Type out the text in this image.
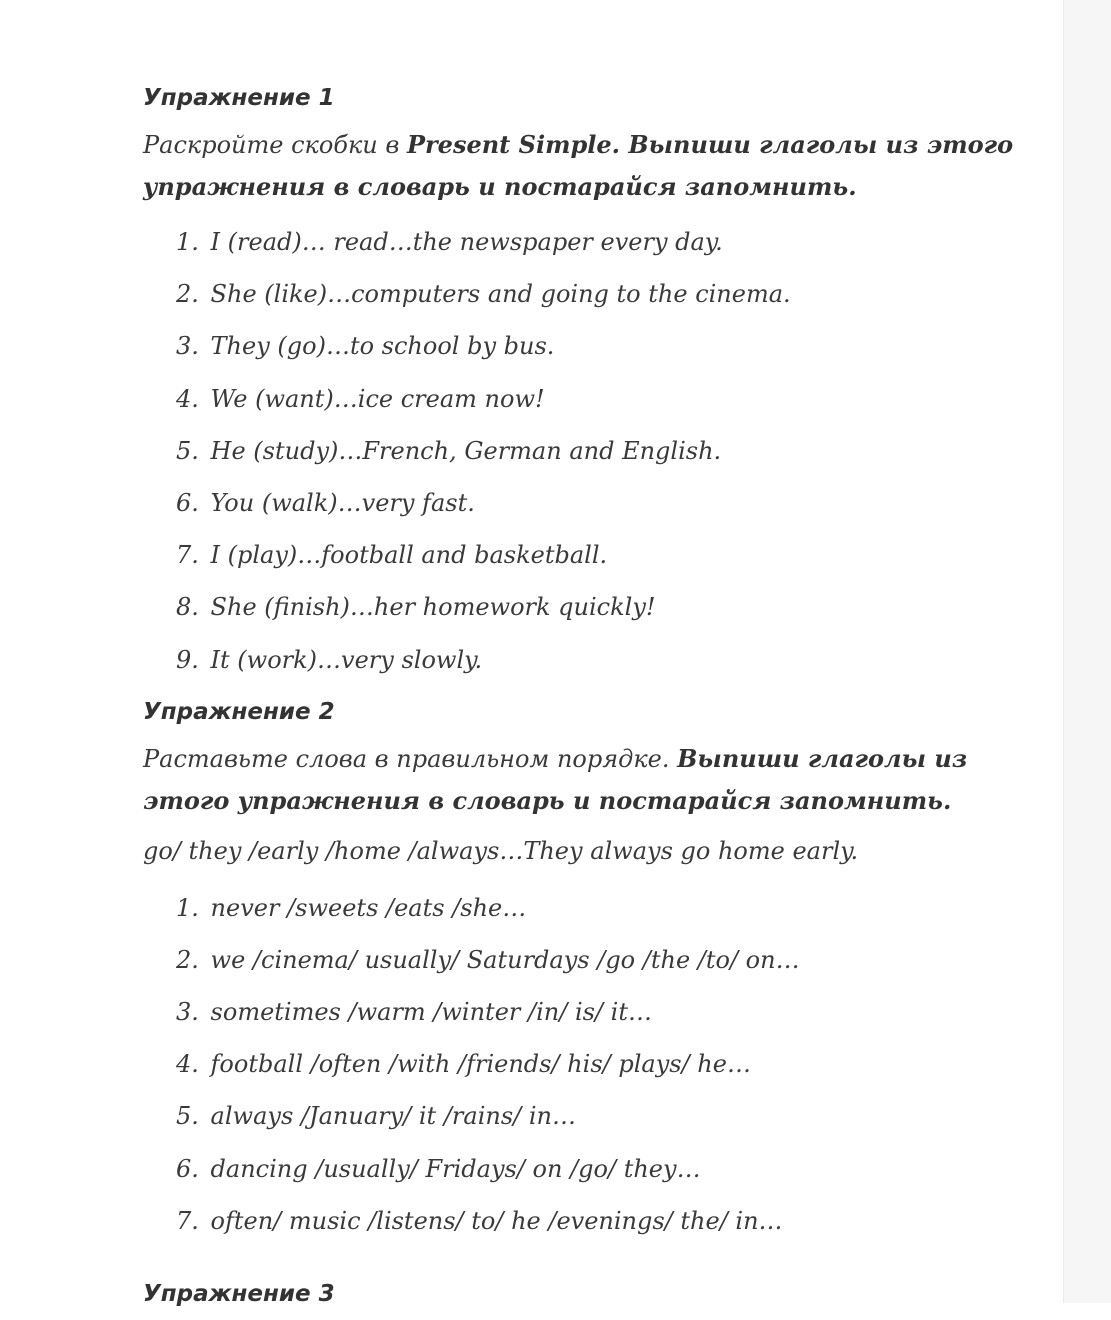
Упражнение 1

Раскройте скобки в Present Simple. Выпиши глаголы из этого упражнения в словарь и постарайся запомнить.

1. I (read)… read…the newspaper every day.
2. She (like)…computers and going to the cinema.
3. They (go)…to school by bus.
4. We (want)…ice cream now!
5. He (study)…French, German and English.
6. You (walk)…very fast.
7. I (play)…football and basketball.
8. She (finish)…her homework quickly!
9. It (work)…very slowly.
Упражнение 2

Раставьте слова в правильном порядке. Выпиши глаголы из этого упражнения в словарь и постарайся запомнить.

go/ they /early /home /always…They always go home early.

1. never /sweets /eats /she…
2. we /cinema/ usually/ Saturdays /go /the /to/ on…
3. sometimes /warm /winter /in/ is/ it…
4. football /often /with /friends/ his/ plays/ he…
5. always /January/ it /rains/ in…
6. dancing /usually/ Fridays/ on /go/ they…
7. often/ music /listens/ to/ he /evenings/ the/ in…
Упражнение 3
